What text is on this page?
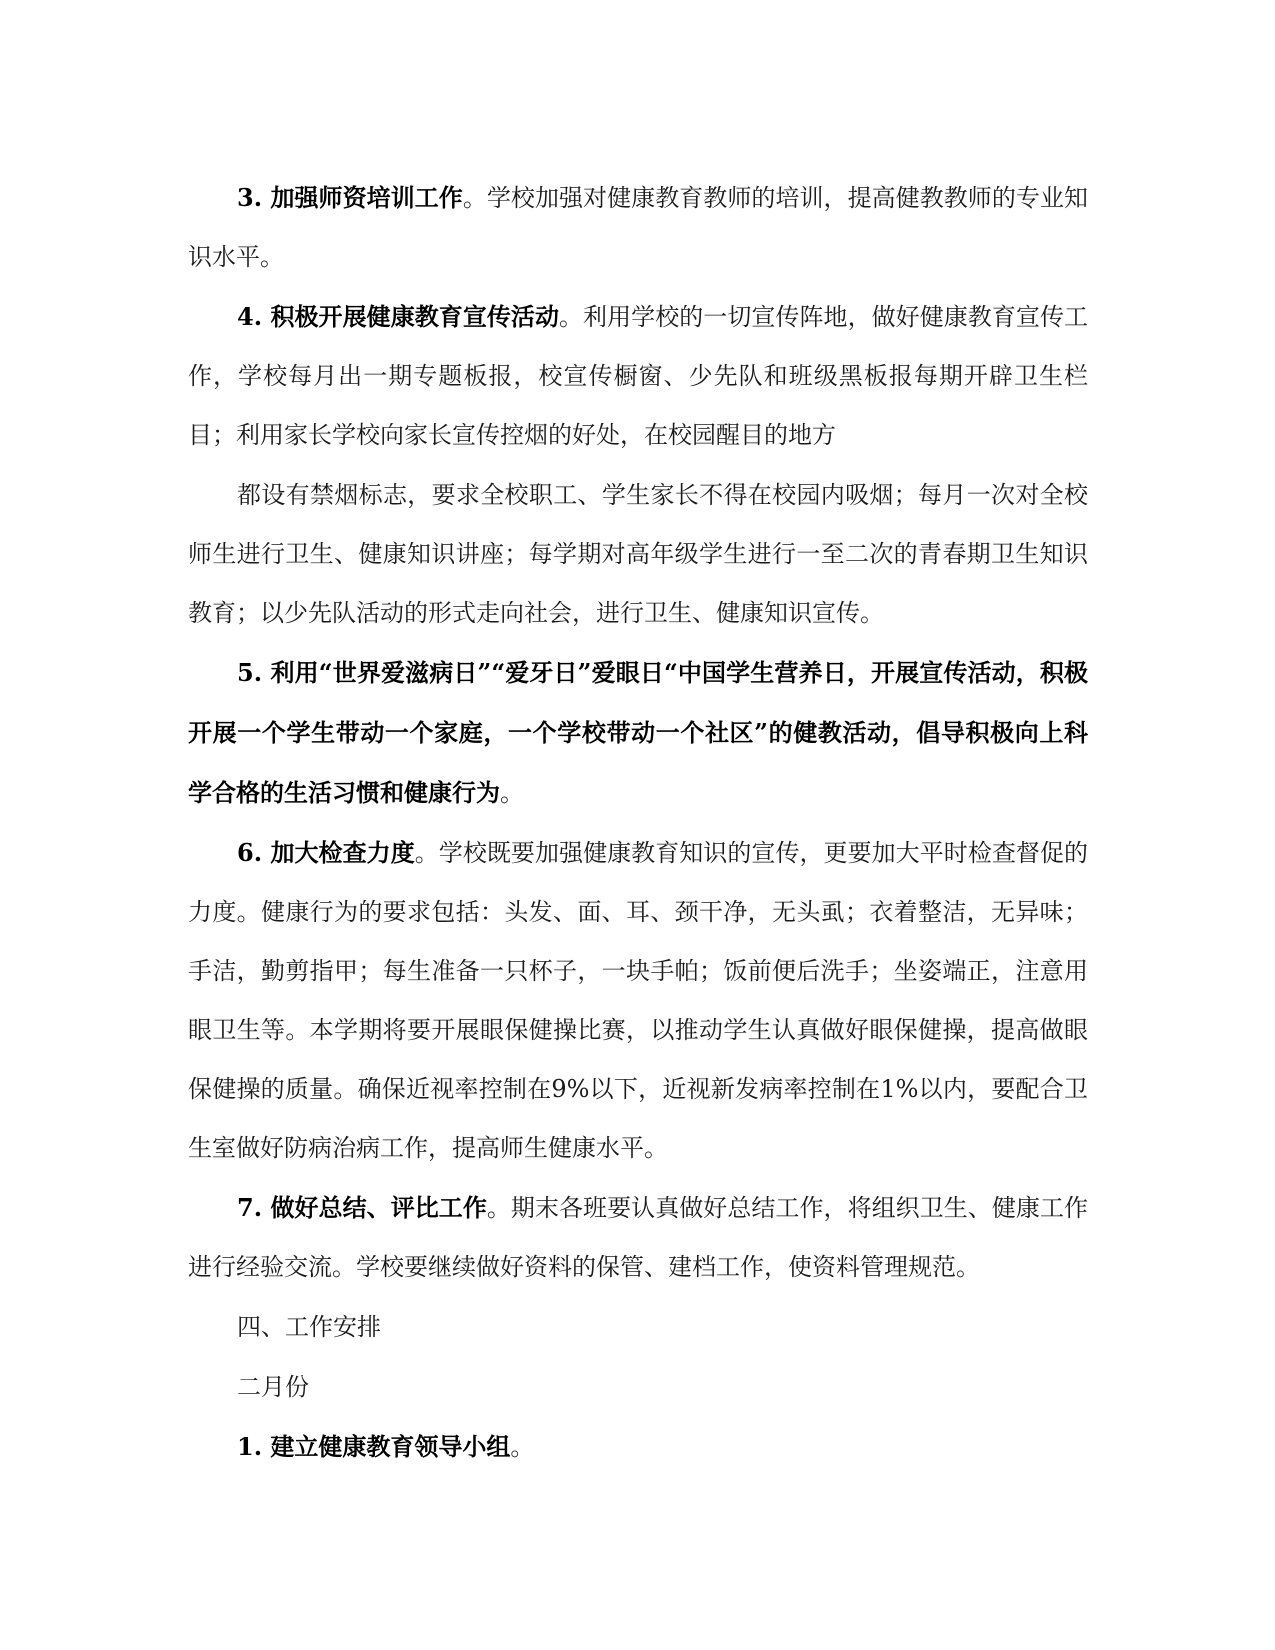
3. 加强师资培训工作。学校加强对健康教育教师的培训，提高健教教师的专业知识水平。

4. 积极开展健康教育宣传活动。利用学校的一切宣传阵地，做好健康教育宣传工作，学校每月出一期专题板报，校宣传橱窗、少先队和班级黑板报每期开辟卫生栏目；利用家长学校向家长宣传控烟的好处，在校园醒目的地方

都设有禁烟标志，要求全校职工、学生家长不得在校园内吸烟；每月一次对全校师生进行卫生、健康知识讲座；每学期对高年级学生进行一至二次的青春期卫生知识教育；以少先队活动的形式走向社会，进行卫生、健康知识宣传。

5. 利用“世界爱滋病日”“爱牙日”爱眼日“中国学生营养日，开展宣传活动，积极开展一个学生带动一个家庭，一个学校带动一个社区”的健教活动，倡导积极向上科学合格的生活习惯和健康行为。

6. 加大检查力度。学校既要加强健康教育知识的宣传，更要加大平时检查督促的力度。健康行为的要求包括：头发、面、耳、颈干净，无头虱；衣着整洁，无异味；手洁，勤剪指甲；每生准备一只杯子，一块手帕；饭前便后洗手；坐姿端正，注意用眼卫生等。本学期将要开展眼保健操比赛，以推动学生认真做好眼保健操，提高做眼保健操的质量。确保近视率控制在9%以下，近视新发病率控制在1%以内，要配合卫生室做好防病治病工作，提高师生健康水平。

7. 做好总结、评比工作。期末各班要认真做好总结工作，将组织卫生、健康工作进行经验交流。学校要继续做好资料的保管、建档工作，使资料管理规范。

四、工作安排

二月份

1. 建立健康教育领导小组。
